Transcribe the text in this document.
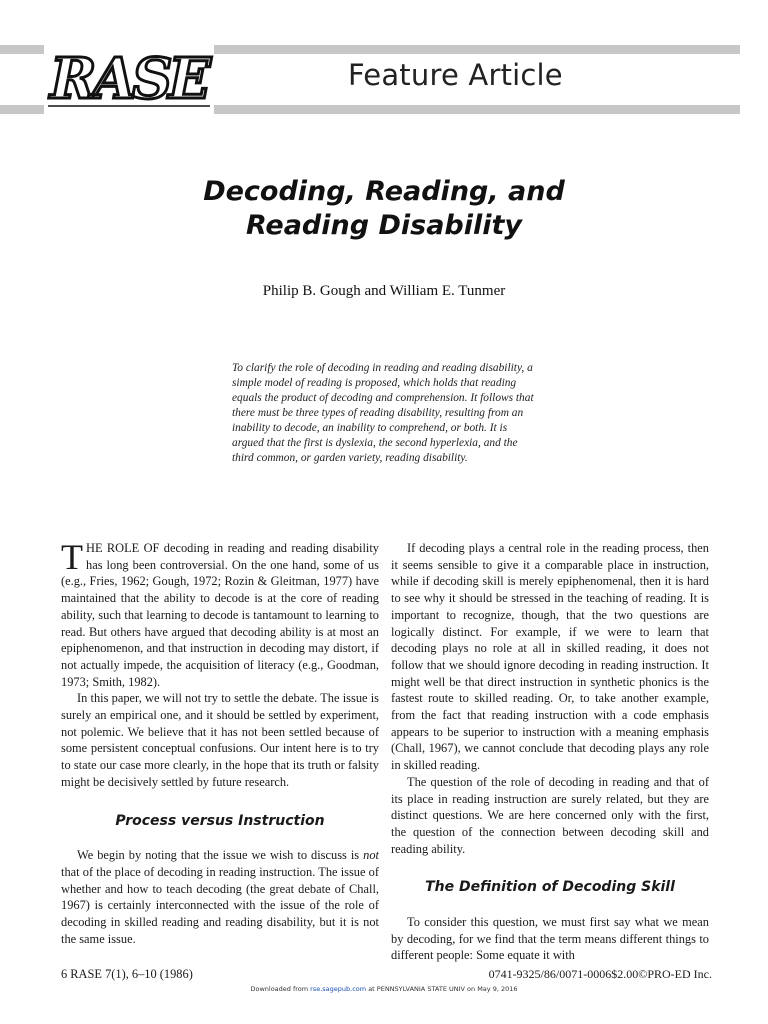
RASE	Feature Article
Decoding, Reading, and
Reading Disability
Philip B. Gough and William E. Tunmer
To clarify the role of decoding in reading and reading disability, a simple model of reading is proposed, which holds that reading equals the product of decoding and comprehension. It follows that there must be three types of reading disability, resulting from an inability to decode, an inability to comprehend, or both. It is argued that the first is dyslexia, the second hyperlexia, and the third common, or garden variety, reading disability.

THE ROLE OF decoding in reading and reading disability has long been controversial. On the one hand, some of us (e.g., Fries, 1962; Gough, 1972; Rozin & Gleitman, 1977) have maintained that the ability to decode is at the core of reading ability, such that learning to decode is tantamount to learning to read. But others have argued that decoding ability is at most an epiphenomenon, and that instruction in decoding may distort, if not actually impede, the acquisition of literacy (e.g., Goodman, 1973; Smith, 1982).

In this paper, we will not try to settle the debate. The issue is surely an empirical one, and it should be settled by experiment, not polemic. We believe that it has not been settled because of some persistent conceptual confusions. Our intent here is to try to state our case more clearly, in the hope that its truth or falsity might be decisively settled by future research.

Process versus Instruction

We begin by noting that the issue we wish to discuss is not that of the place of decoding in reading instruction. The issue of whether and how to teach decoding (the great debate of Chall, 1967) is certainly interconnected with the issue of the role of decoding in skilled reading and reading disability, but it is not the same issue.

If decoding plays a central role in the reading process, then it seems sensible to give it a comparable place in instruction, while if decoding skill is merely epiphenomenal, then it is hard to see why it should be stressed in the teaching of reading. It is important to recognize, though, that the two questions are logically distinct. For example, if we were to learn that decoding plays no role at all in skilled reading, it does not follow that we should ignore decoding in reading instruction. It might well be that direct instruction in synthetic phonics is the fastest route to skilled reading. Or, to take another example, from the fact that reading instruction with a code emphasis appears to be superior to instruction with a meaning emphasis (Chall, 1967), we cannot conclude that decoding plays any role in skilled reading.

The question of the role of decoding in reading and that of its place in reading instruction are surely related, but they are distinct questions. We are here concerned only with the first, the question of the connection between decoding skill and reading ability.

The Definition of Decoding Skill

To consider this question, we must first say what we mean by decoding, for we find that the term means different things to different people: Some equate it with

6 RASE 7(1), 6–10 (1986)	0741-9325/86/0071-0006$2.00©PRO-ED Inc.
Downloaded from rse.sagepub.com at PENNSYLVANIA STATE UNIV on May 9, 2016
